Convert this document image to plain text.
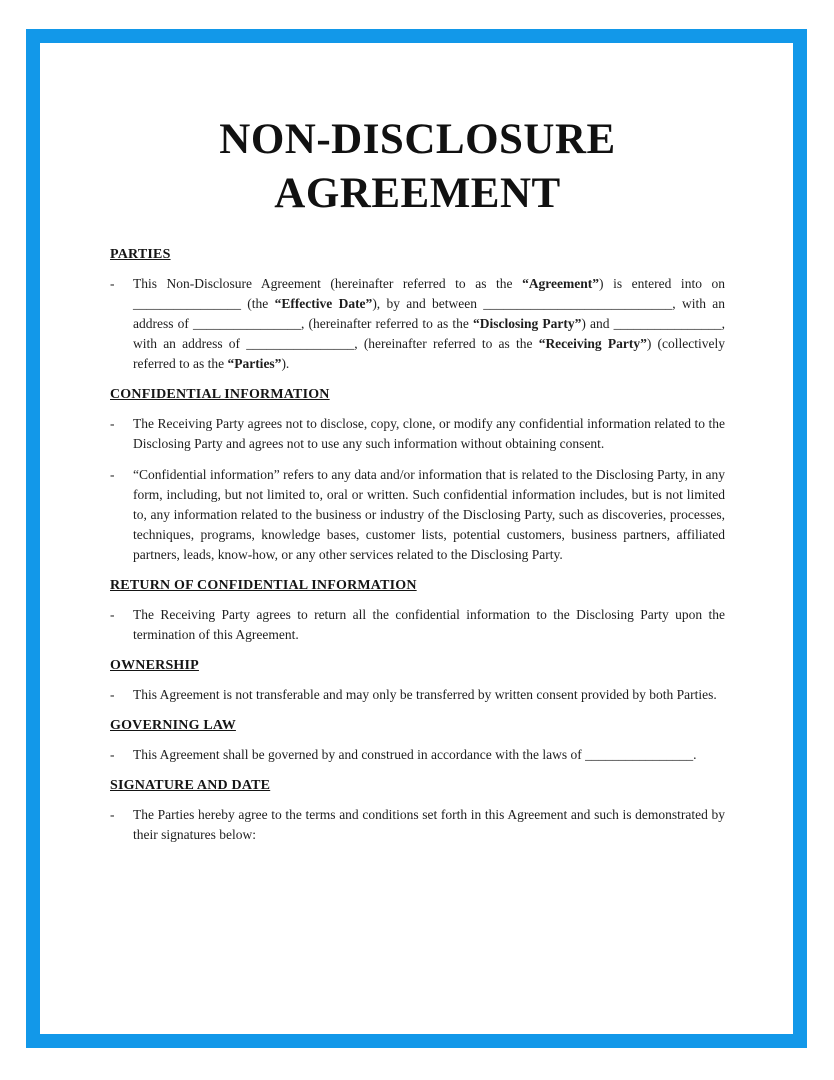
NON-DISCLOSURE
AGREEMENT
PARTIES
-	This Non-Disclosure Agreement (hereinafter referred to as the “Agreement”) is entered into on ________________ (the “Effective Date”), by and between ____________________________, with an address of ________________, (hereinafter referred to as the “Disclosing Party”) and ________________, with an address of ________________, (hereinafter referred to as the “Receiving Party”) (collectively referred to as the “Parties”).

CONFIDENTIAL INFORMATION
-	The Receiving Party agrees not to disclose, copy, clone, or modify any confidential information related to the Disclosing Party and agrees not to use any such information without obtaining consent.

-	“Confidential information” refers to any data and/or information that is related to the Disclosing Party, in any form, including, but not limited to, oral or written. Such confidential information includes, but is not limited to, any information related to the business or industry of the Disclosing Party, such as discoveries, processes, techniques, programs, knowledge bases, customer lists, potential customers, business partners, affiliated partners, leads, know-how, or any other services related to the Disclosing Party.

RETURN OF CONFIDENTIAL INFORMATION
-	The Receiving Party agrees to return all the confidential information to the Disclosing Party upon the termination of this Agreement.

OWNERSHIP
-	This Agreement is not transferable and may only be transferred by written consent provided by both Parties.

GOVERNING LAW
-	This Agreement shall be governed by and construed in accordance with the laws of ________________.

SIGNATURE AND DATE
-	The Parties hereby agree to the terms and conditions set forth in this Agreement and such is demonstrated by their signatures below:
